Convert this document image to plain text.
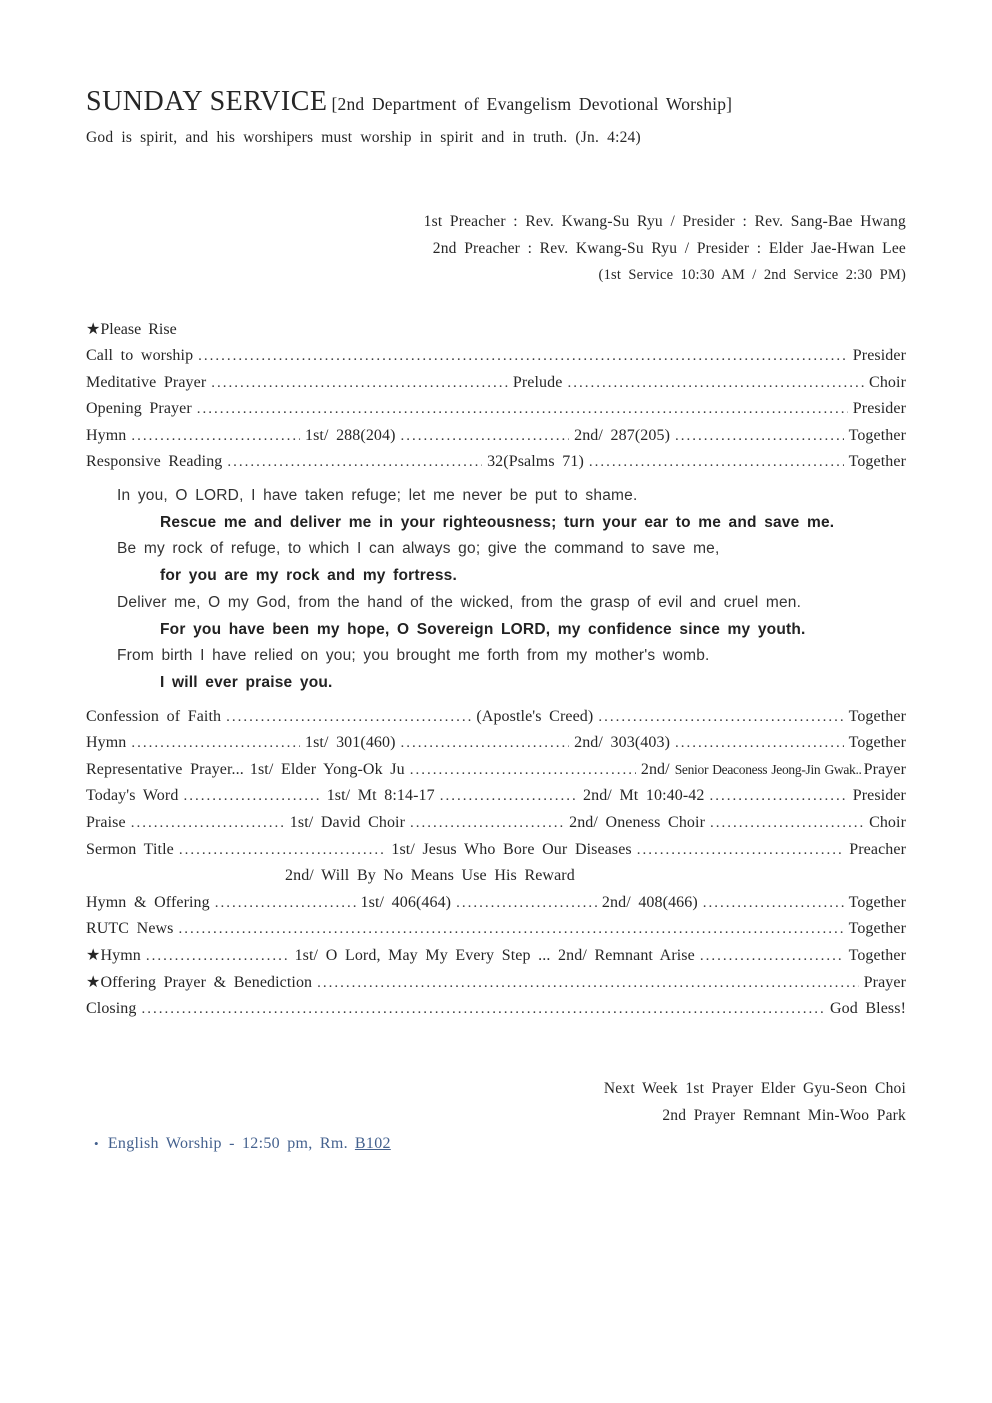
SUNDAY SERVICE [2nd Department of Evangelism Devotional Worship]
God is spirit, and his worshipers must worship in spirit and in truth. (Jn. 4:24)
1st Preacher : Rev. Kwang-Su Ryu / Presider : Rev. Sang-Bae Hwang
2nd Preacher : Rev. Kwang-Su Ryu / Presider : Elder Jae-Hwan Lee
(1st Service 10:30 AM / 2nd Service 2:30 PM)
★Please Rise
Call to worship .....	Presider
Meditative Prayer .....	Prelude .....	Choir
Opening Prayer .....	Presider
Hymn .....	1st/ 288(204) .....	2nd/ 287(205) .....	Together
Responsive Reading .....	32(Psalms 71) .....	Together
In you, O LORD, I have taken refuge; let me never be put to shame.
Rescue me and deliver me in your righteousness; turn your ear to me and save me.
Be my rock of refuge, to which I can always go; give the command to save me,
for you are my rock and my fortress.
Deliver me, O my God, from the hand of the wicked, from the grasp of evil and cruel men.
For you have been my hope, O Sovereign LORD, my confidence since my youth.
From birth I have relied on you; you brought me forth from my mother's womb.
I will ever praise you.
Confession of Faith .....	(Apostle's Creed) .....	Together
Hymn .....	1st/ 301(460) .....	2nd/ 303(403) .....	Together
Representative Prayer... 1st/ Elder Yong-Ok Ju .....	2nd/ Senior Deaconess Jeong-Jin Gwak.. Prayer
Today's Word .....	1st/ Mt 8:14-17 .....	2nd/ Mt 10:40-42 .....	Presider
Praise .....	1st/ David Choir .....	2nd/ Oneness Choir .....	Choir
Sermon Title .....	1st/ Jesus Who Bore Our Diseases .....	Preacher
2nd/ Will By No Means Use His Reward
Hymn & Offering .....	1st/ 406(464) .....	2nd/ 408(466) .....	Together
RUTC News .....	Together
★Hymn .....	1st/ O Lord, May My Every Step ... 2nd/ Remnant Arise .....	Together
★Offering Prayer & Benediction .....	Prayer
Closing .....	God Bless!
Next Week 1st Prayer Elder Gyu-Seon Choi
2nd Prayer Remnant Min-Woo Park
• English Worship - 12:50 pm, Rm. B102
